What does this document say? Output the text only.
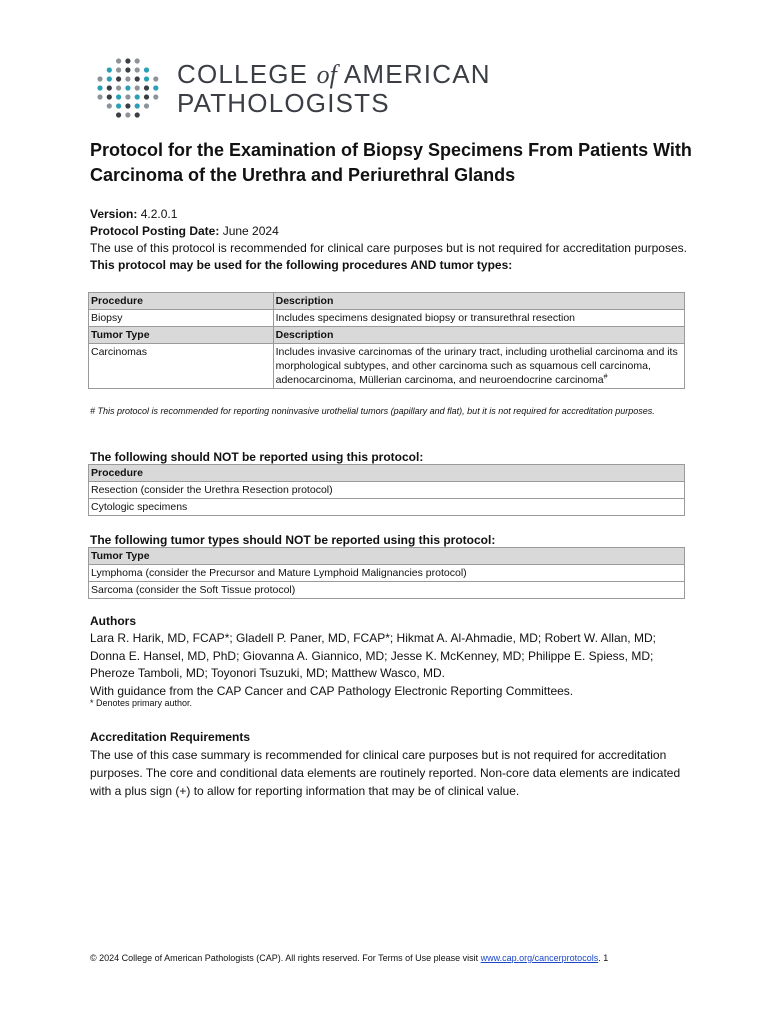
COLLEGE of AMERICAN
PATHOLOGISTS
Protocol for the Examination of Biopsy Specimens From Patients With Carcinoma of the Urethra and Periurethral Glands
Version: 4.2.0.1
Protocol Posting Date: June 2024
The use of this protocol is recommended for clinical care purposes but is not required for accreditation purposes.
This protocol may be used for the following procedures AND tumor types:
Procedure	Description
Biopsy	Includes specimens designated biopsy or transurethral resection
Tumor Type	Description
Carcinomas	Includes invasive carcinomas of the urinary tract, including urothelial carcinoma and its morphological subtypes, and other carcinoma such as squamous cell carcinoma, adenocarcinoma, Müllerian carcinoma, and neuroendocrine carcinoma#
# This protocol is recommended for reporting noninvasive urothelial tumors (papillary and flat), but it is not required for accreditation purposes.
The following should NOT be reported using this protocol:
Procedure
Resection (consider the Urethra Resection protocol)
Cytologic specimens
The following tumor types should NOT be reported using this protocol:
Tumor Type
Lymphoma (consider the Precursor and Mature Lymphoid Malignancies protocol)
Sarcoma (consider the Soft Tissue protocol)
Authors
Lara R. Harik, MD, FCAP*; Gladell P. Paner, MD, FCAP*; Hikmat A. Al-Ahmadie, MD; Robert W. Allan, MD; Donna E. Hansel, MD, PhD; Giovanna A. Giannico, MD; Jesse K. McKenney, MD; Philippe E. Spiess, MD; Pheroze Tamboli, MD; Toyonori Tsuzuki, MD; Matthew Wasco, MD.
With guidance from the CAP Cancer and CAP Pathology Electronic Reporting Committees.
* Denotes primary author.
Accreditation Requirements
The use of this case summary is recommended for clinical care purposes but is not required for accreditation purposes. The core and conditional data elements are routinely reported. Non-core data elements are indicated with a plus sign (+) to allow for reporting information that may be of clinical value.
© 2024 College of American Pathologists (CAP). All rights reserved. For Terms of Use please visit www.cap.org/cancerprotocols. 1
